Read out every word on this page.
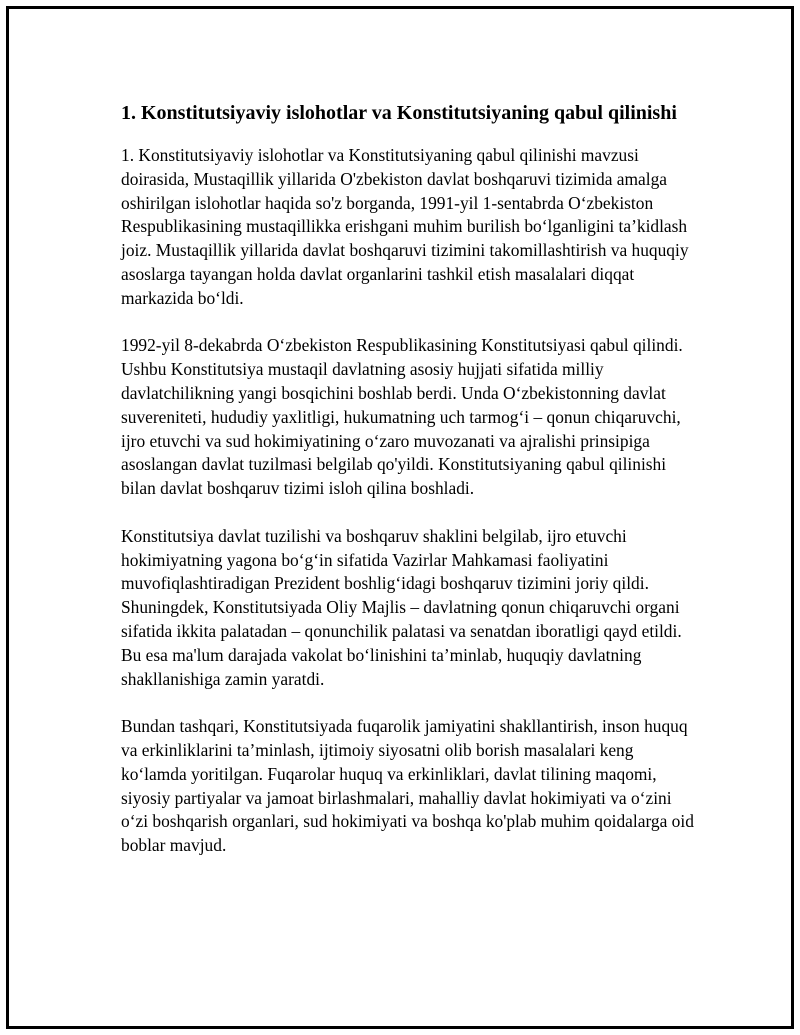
1. Konstitutsiyaviy islohotlar va Konstitutsiyaning qabul qilinishi

1. Konstitutsiyaviy islohotlar va Konstitutsiyaning qabul qilinishi mavzusi doirasida, Mustaqillik yillarida O'zbekiston davlat boshqaruvi tizimida amalga oshirilgan islohotlar haqida so'z borganda, 1991-yil 1-sentabrda O‘zbekiston Respublikasining mustaqillikka erishgani muhim burilish bo‘lganligini ta’kidlash joiz. Mustaqillik yillarida davlat boshqaruvi tizimini takomillashtirish va huquqiy asoslarga tayangan holda davlat organlarini tashkil etish masalalari diqqat markazida bo‘ldi.

1992-yil 8-dekabrda O‘zbekiston Respublikasining Konstitutsiyasi qabul qilindi. Ushbu Konstitutsiya mustaqil davlatning asosiy hujjati sifatida milliy davlatchilikning yangi bosqichini boshlab berdi. Unda O‘zbekistonning davlat suvereniteti, hududiy yaxlitligi, hukumatning uch tarmog‘i – qonun chiqaruvchi, ijro etuvchi va sud hokimiyatining o‘zaro muvozanati va ajralishi prinsipiga asoslangan davlat tuzilmasi belgilab qo'yildi. Konstitutsiyaning qabul qilinishi bilan davlat boshqaruv tizimi isloh qilina boshladi.

Konstitutsiya davlat tuzilishi va boshqaruv shaklini belgilab, ijro etuvchi hokimiyatning yagona bo‘g‘in sifatida Vazirlar Mahkamasi faoliyatini muvofiqlashtiradigan Prezident boshlig‘idagi boshqaruv tizimini joriy qildi. Shuningdek, Konstitutsiyada Oliy Majlis – davlatning qonun chiqaruvchi organi sifatida ikkita palatadan – qonunchilik palatasi va senatdan iboratligi qayd etildi. Bu esa ma'lum darajada vakolat bo‘linishini ta’minlab, huquqiy davlatning shakllanishiga zamin yaratdi.

Bundan tashqari, Konstitutsiyada fuqarolik jamiyatini shakllantirish, inson huquq va erkinliklarini ta’minlash, ijtimoiy siyosatni olib borish masalalari keng ko‘lamda yoritilgan. Fuqarolar huquq va erkinliklari, davlat tilining maqomi, siyosiy partiyalar va jamoat birlashmalari, mahalliy davlat hokimiyati va o‘zini o‘zi boshqarish organlari, sud hokimiyati va boshqa ko'plab muhim qoidalarga oid boblar mavjud.
